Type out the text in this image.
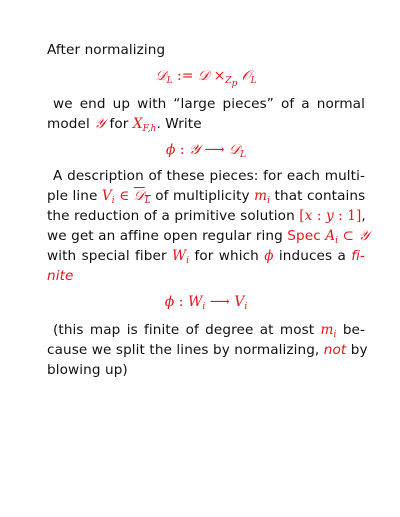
After normalizing
𝒟$_L$ := 𝒟 $\times_{Z_p}$ 𝒪$_L$
we end up with “large pieces” of a normal
model 𝒴 for $X_{F,h}$. Write
ϕ : 𝒴 ⟶ 𝒟$_L$
A description of these pieces: for each multi-
ple line $V_i$ ∈ 𝒟$_L$ of multiplicity $m_i$ that contains
the reduction of a primitive solution [x : y : 1],
we get an affine open regular ring Spec $A_i$ ⊂ 𝒴
with special fiber $W_i$ for which ϕ induces a fi-
nite
ϕ : $W_i$ ⟶ $V_i$
(this map is finite of degree at most $m_i$ be-
cause we split the lines by normalizing, not by
blowing up)
